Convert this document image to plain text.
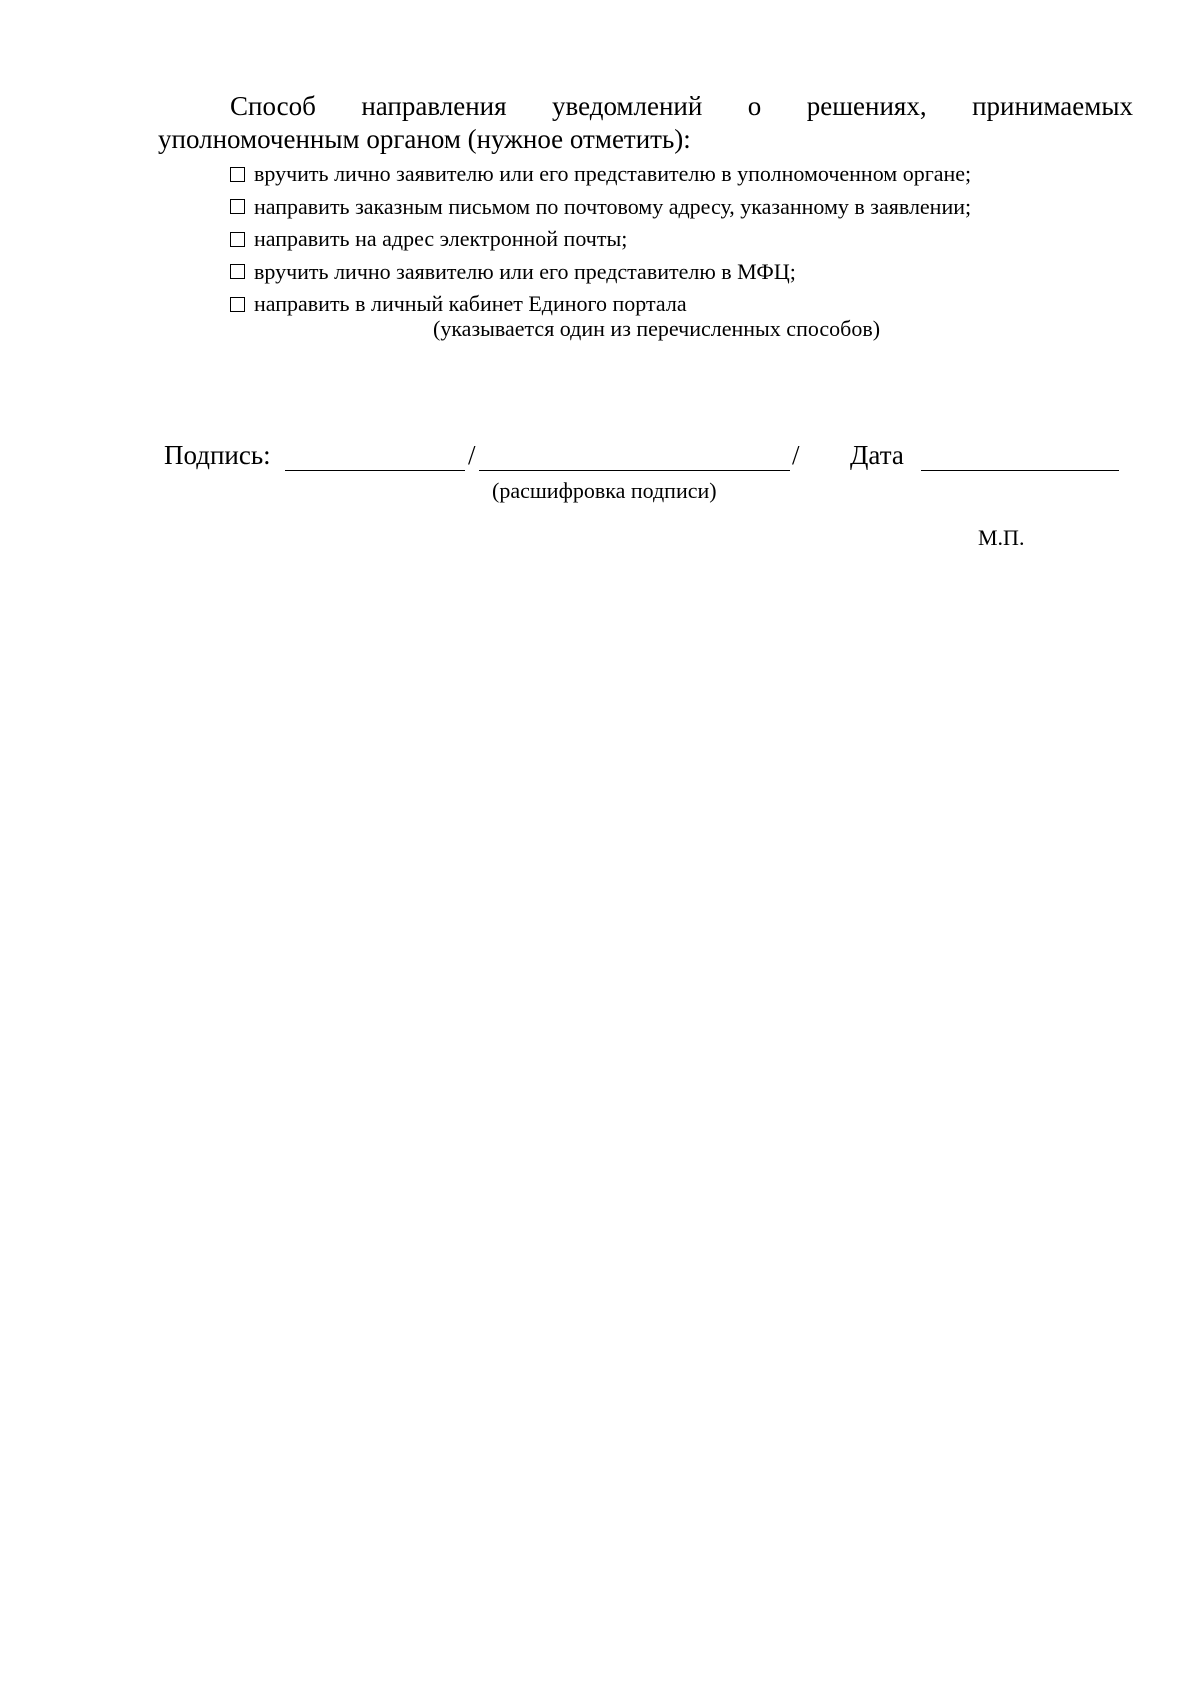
Способ направления уведомлений о решениях, принимаемых
уполномоченным органом (нужное отметить):
вручить лично заявителю или его представителю в уполномоченном органе;
направить заказным письмом по почтовому адресу, указанному в заявлении;
направить на адрес электронной почты;
вручить лично заявителю или его представителю в МФЦ;
направить в личный кабинет Единого портала
(указывается один из перечисленных способов)
Подпись:	/	/ Дата
(расшифровка подписи)
М.П.
